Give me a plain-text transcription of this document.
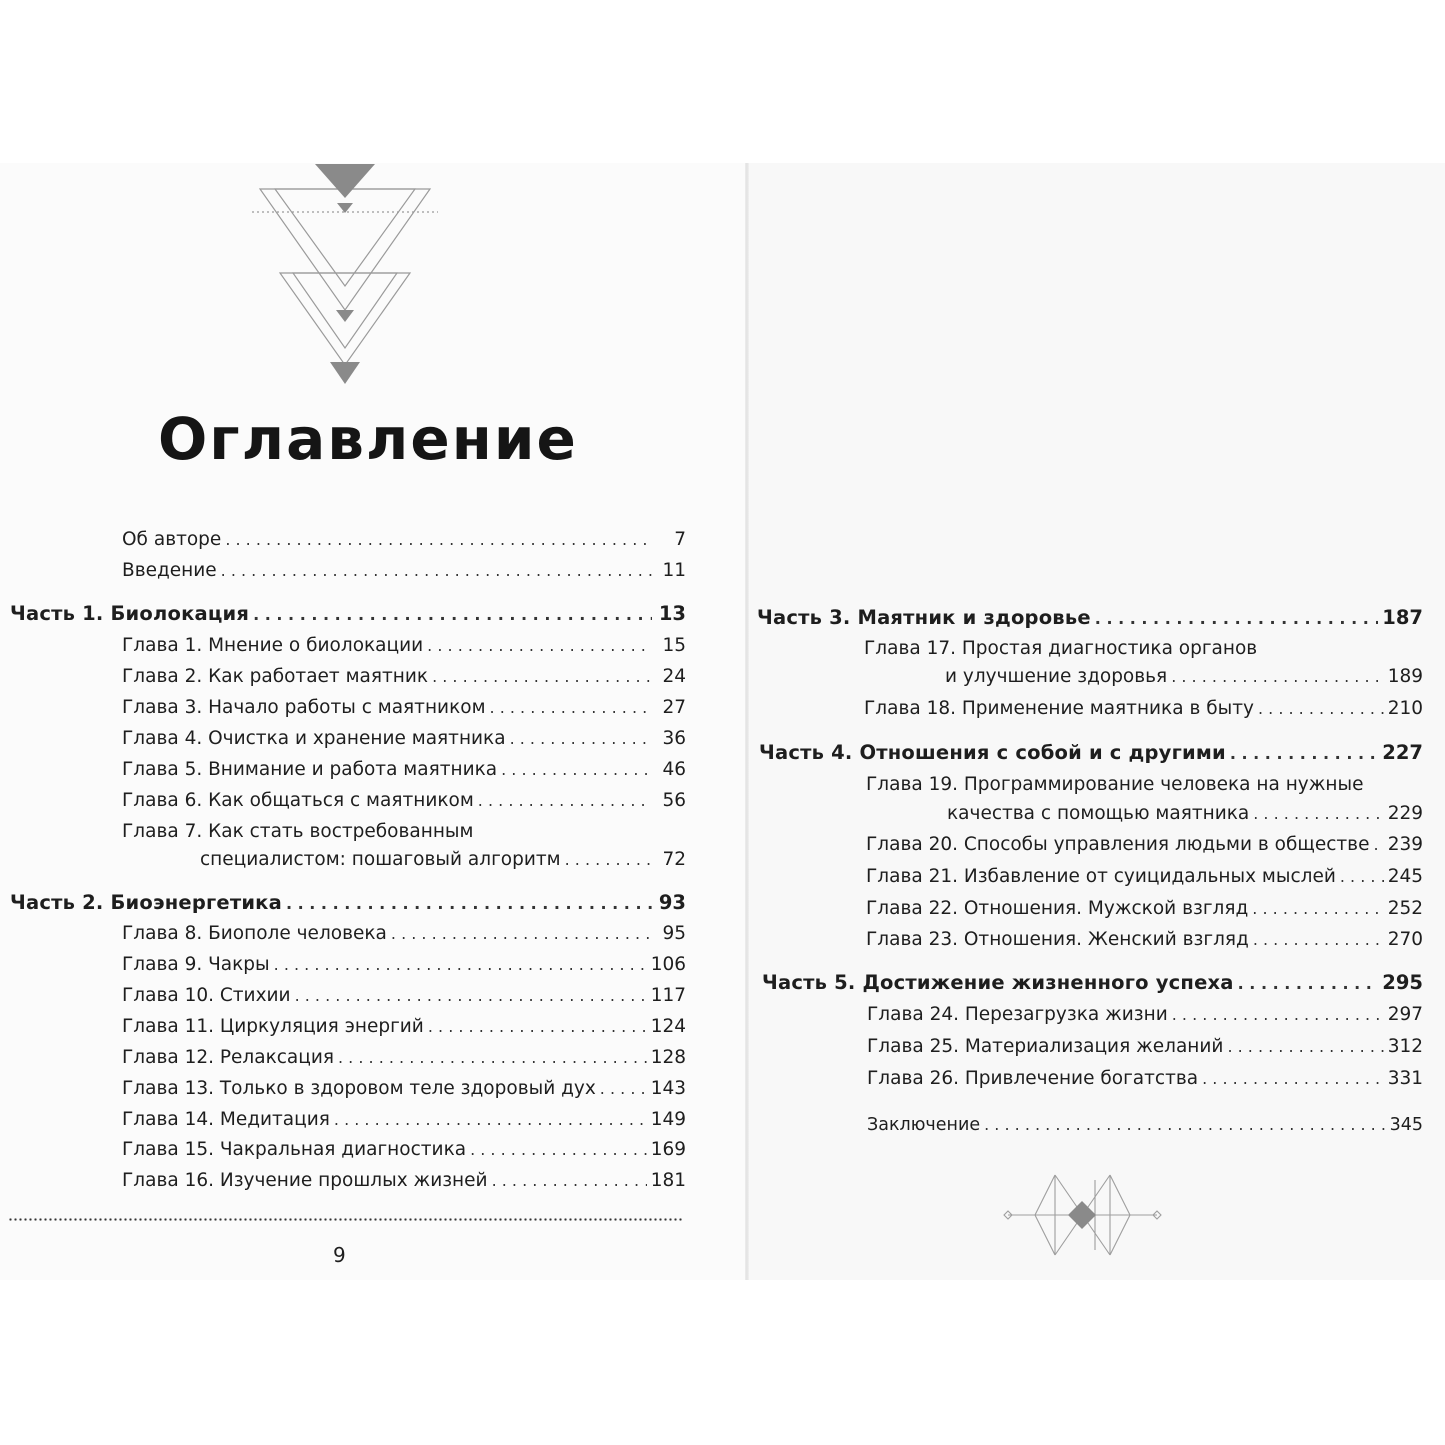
Оглавление
Об авторе . . .	7
Введение . . .	11
Часть 1. Биолокация . . .	13
Глава 1. Мнение о биолокации . . .	15
Глава 2. Как работает маятник . . .	24
Глава 3. Начало работы с маятником . . .	27
Глава 4. Очистка и хранение маятника . . .	36
Глава 5. Внимание и работа маятника . . .	46
Глава 6. Как общаться с маятником . . .	56
Глава 7. Как стать востребованным
специалистом: пошаговый алгоритм . . .	72
Часть 2. Биоэнергетика . . .	93
Глава 8. Биополе человека . . .	95
Глава 9. Чакры . . .	106
Глава 10. Стихии . . .	117
Глава 11. Циркуляция энергий . . .	124
Глава 12. Релаксация . . .	128
Глава 13. Только в здоровом теле здоровый дух . . .	143
Глава 14. Медитация . . .	149
Глава 15. Чакральная диагностика . . .	169
Глава 16. Изучение прошлых жизней . . .	181
9
Часть 3. Маятник и здоровье . . .	187
Глава 17. Простая диагностика органов
и улучшение здоровья . . .	189
Глава 18. Применение маятника в быту . . .	210
Часть 4. Отношения с собой и с другими . . .	227
Глава 19. Программирование человека на нужные
качества с помощью маятника . . .	229
Глава 20. Способы управления людьми в обществе . . . 239
Глава 21. Избавление от суицидальных мыслей . . .	245
Глава 22. Отношения. Мужской взгляд . . .	252
Глава 23. Отношения. Женский взгляд . . .	270
Часть 5. Достижение жизненного успеха . . .	295
Глава 24. Перезагрузка жизни . . .	297
Глава 25. Материализация желаний . . .	312
Глава 26. Привлечение богатства . . .	331
Заключение . . .	345
